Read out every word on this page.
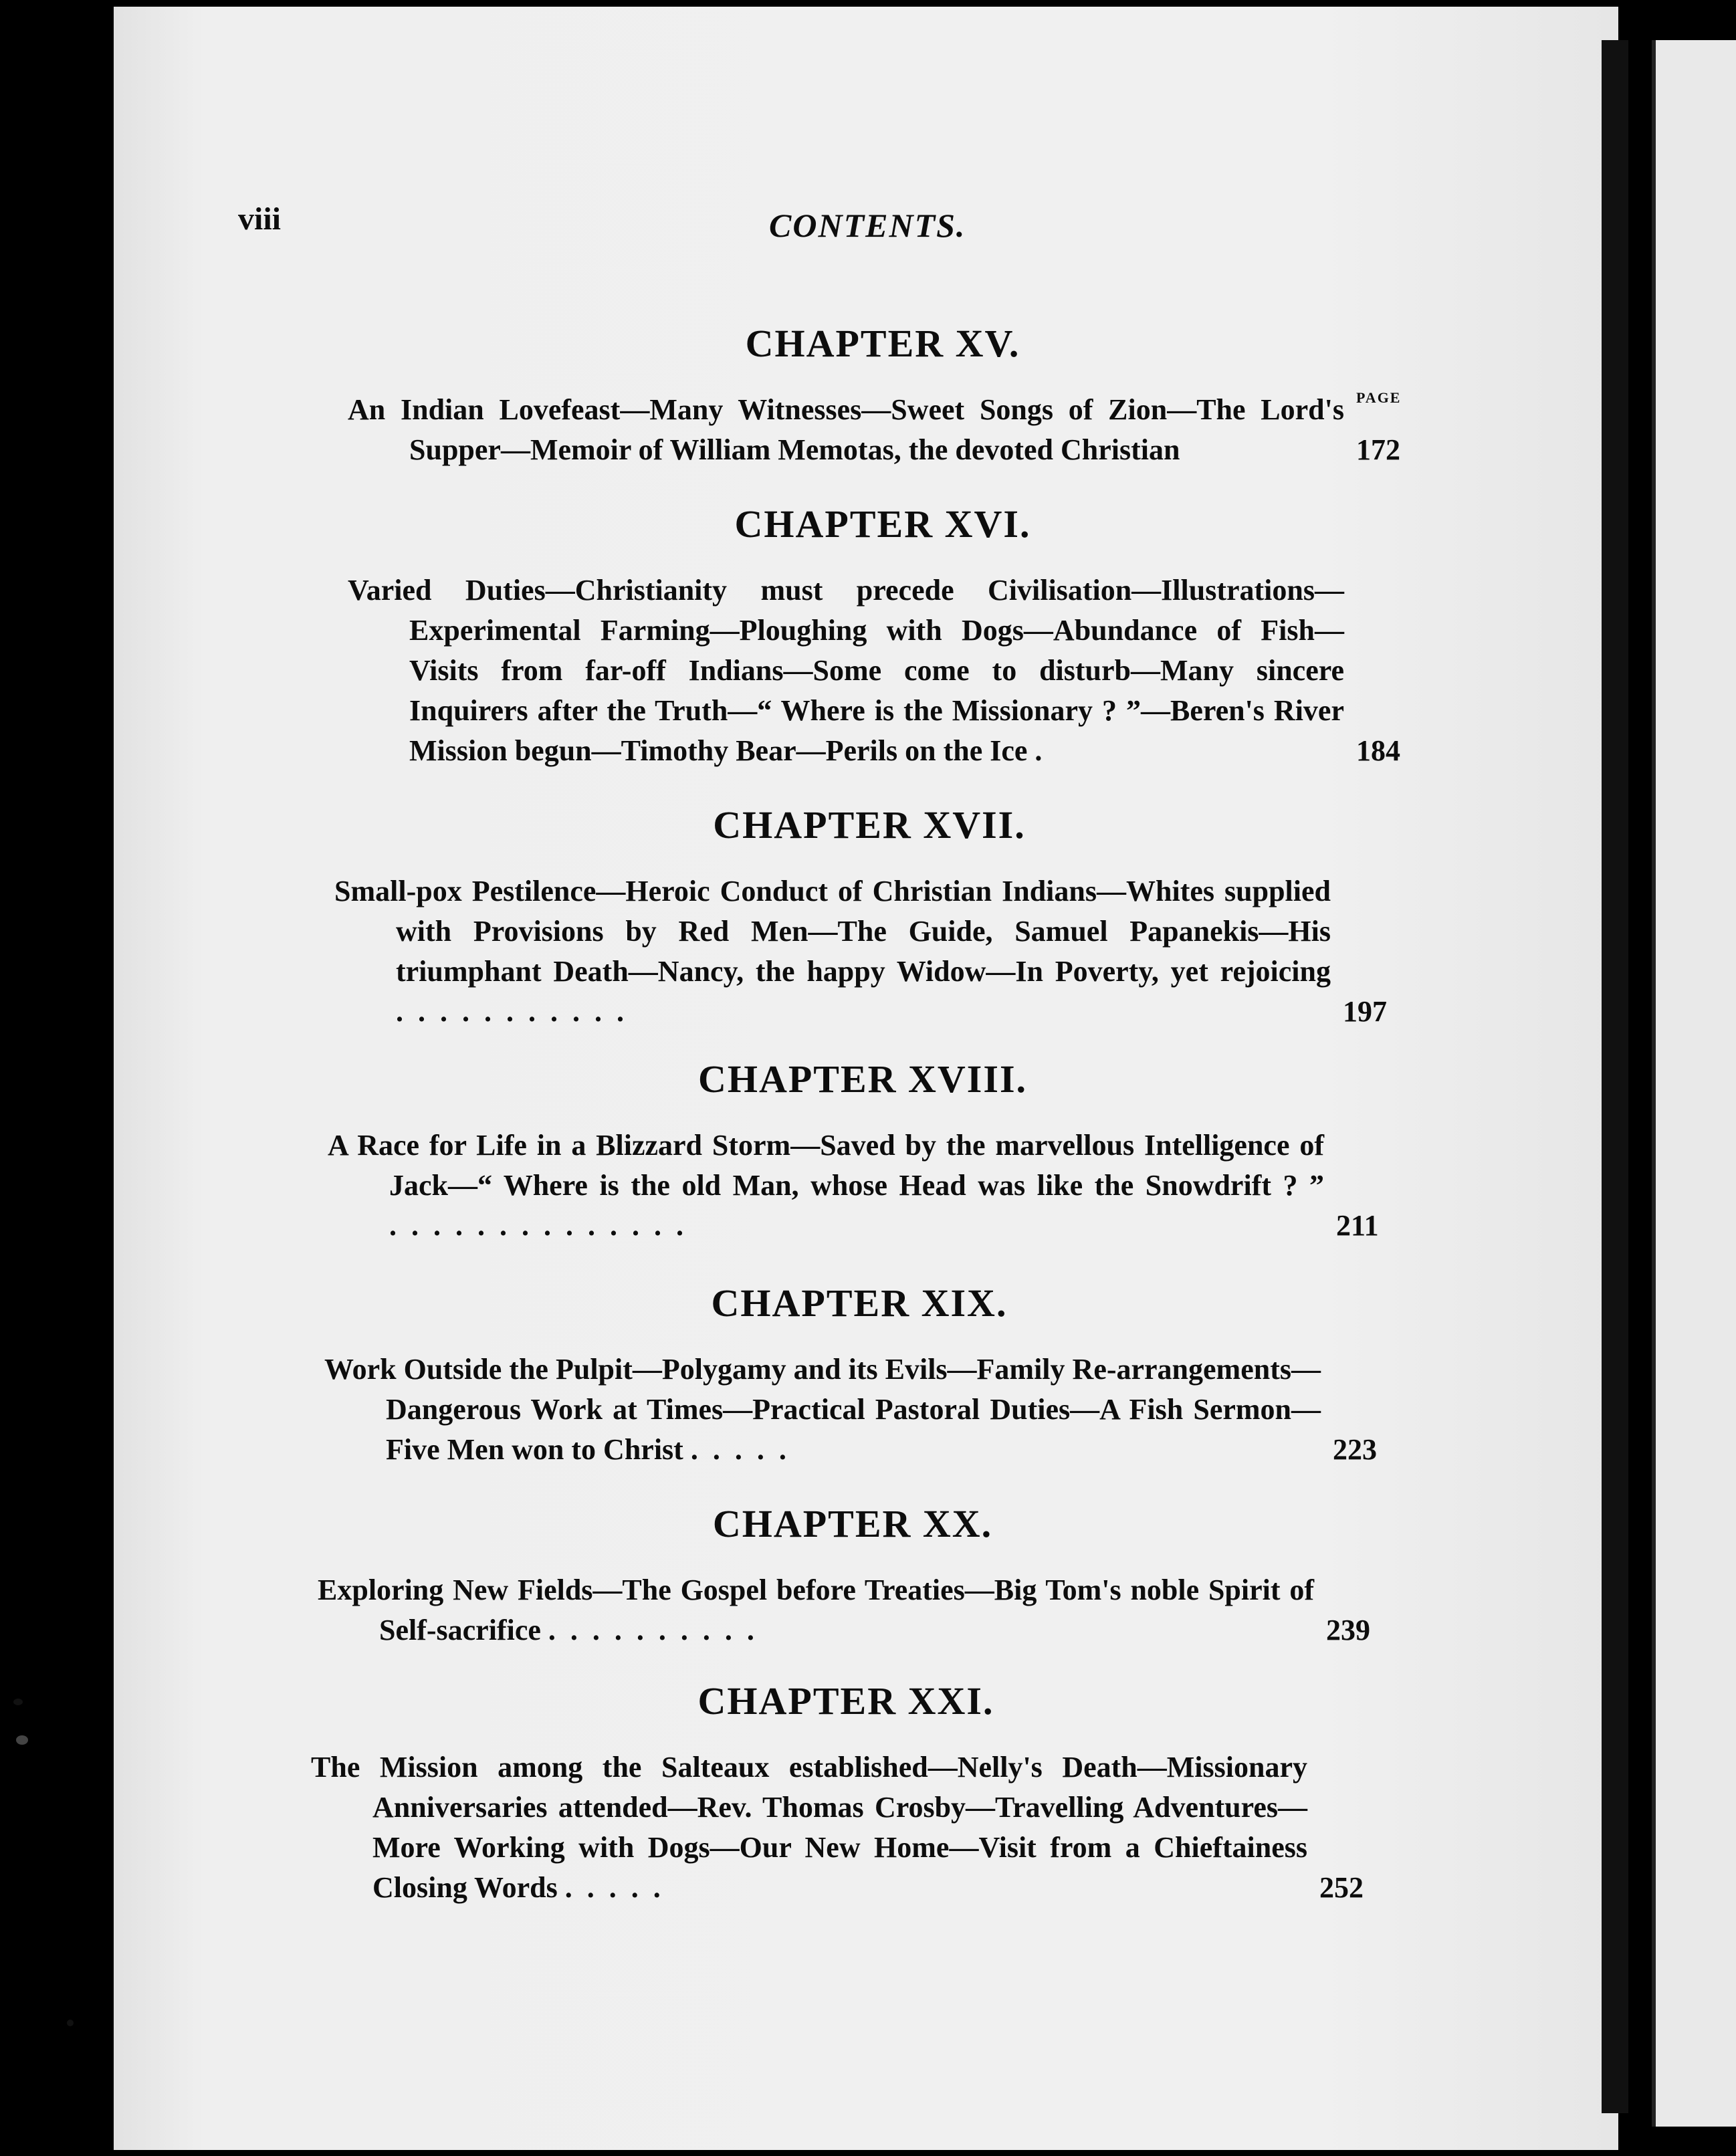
viii	CONTENTS.
CHAPTER XV.
PAGE
An Indian Lovefeast—Many Witnesses—Sweet Songs of Zion—The Lord's Supper—Memoir of William Memotas, the devoted Christian	172
CHAPTER XVI.
Varied Duties—Christianity must precede Civilisation—Illustrations—Experimental Farming—Ploughing with Dogs—Abundance of Fish—Visits from far-off Indians—Some come to disturb—Many sincere Inquirers after the Truth—“ Where is the Missionary ? ”—Beren's River Mission begun—Timothy Bear—Perils on the Ice .	184
CHAPTER XVII.
Small-pox Pestilence—Heroic Conduct of Christian Indians—Whites supplied with Provisions by Red Men—The Guide, Samuel Papanekis—His triumphant Death—Nancy, the happy Widow—In Poverty, yet rejoicing ...........	197
CHAPTER XVIII.
A Race for Life in a Blizzard Storm—Saved by the marvellous Intelligence of Jack—“ Where is the old Man, whose Head was like the Snowdrift ? ” ..............	211
CHAPTER XIX.
Work Outside the Pulpit—Polygamy and its Evils—Family Re-arrangements—Dangerous Work at Times—Practical Pastoral Duties—A Fish Sermon—Five Men won to Christ .....	223
CHAPTER XX.
Exploring New Fields—The Gospel before Treaties—Big Tom's noble Spirit of Self-sacrifice ..........	239
CHAPTER XXI.
The Mission among the Salteaux established—Nelly's Death—Missionary Anniversaries attended—Rev. Thomas Crosby—Travelling Adventures—More Working with Dogs—Our New Home—Visit from a Chieftainess Closing Words .....	252
